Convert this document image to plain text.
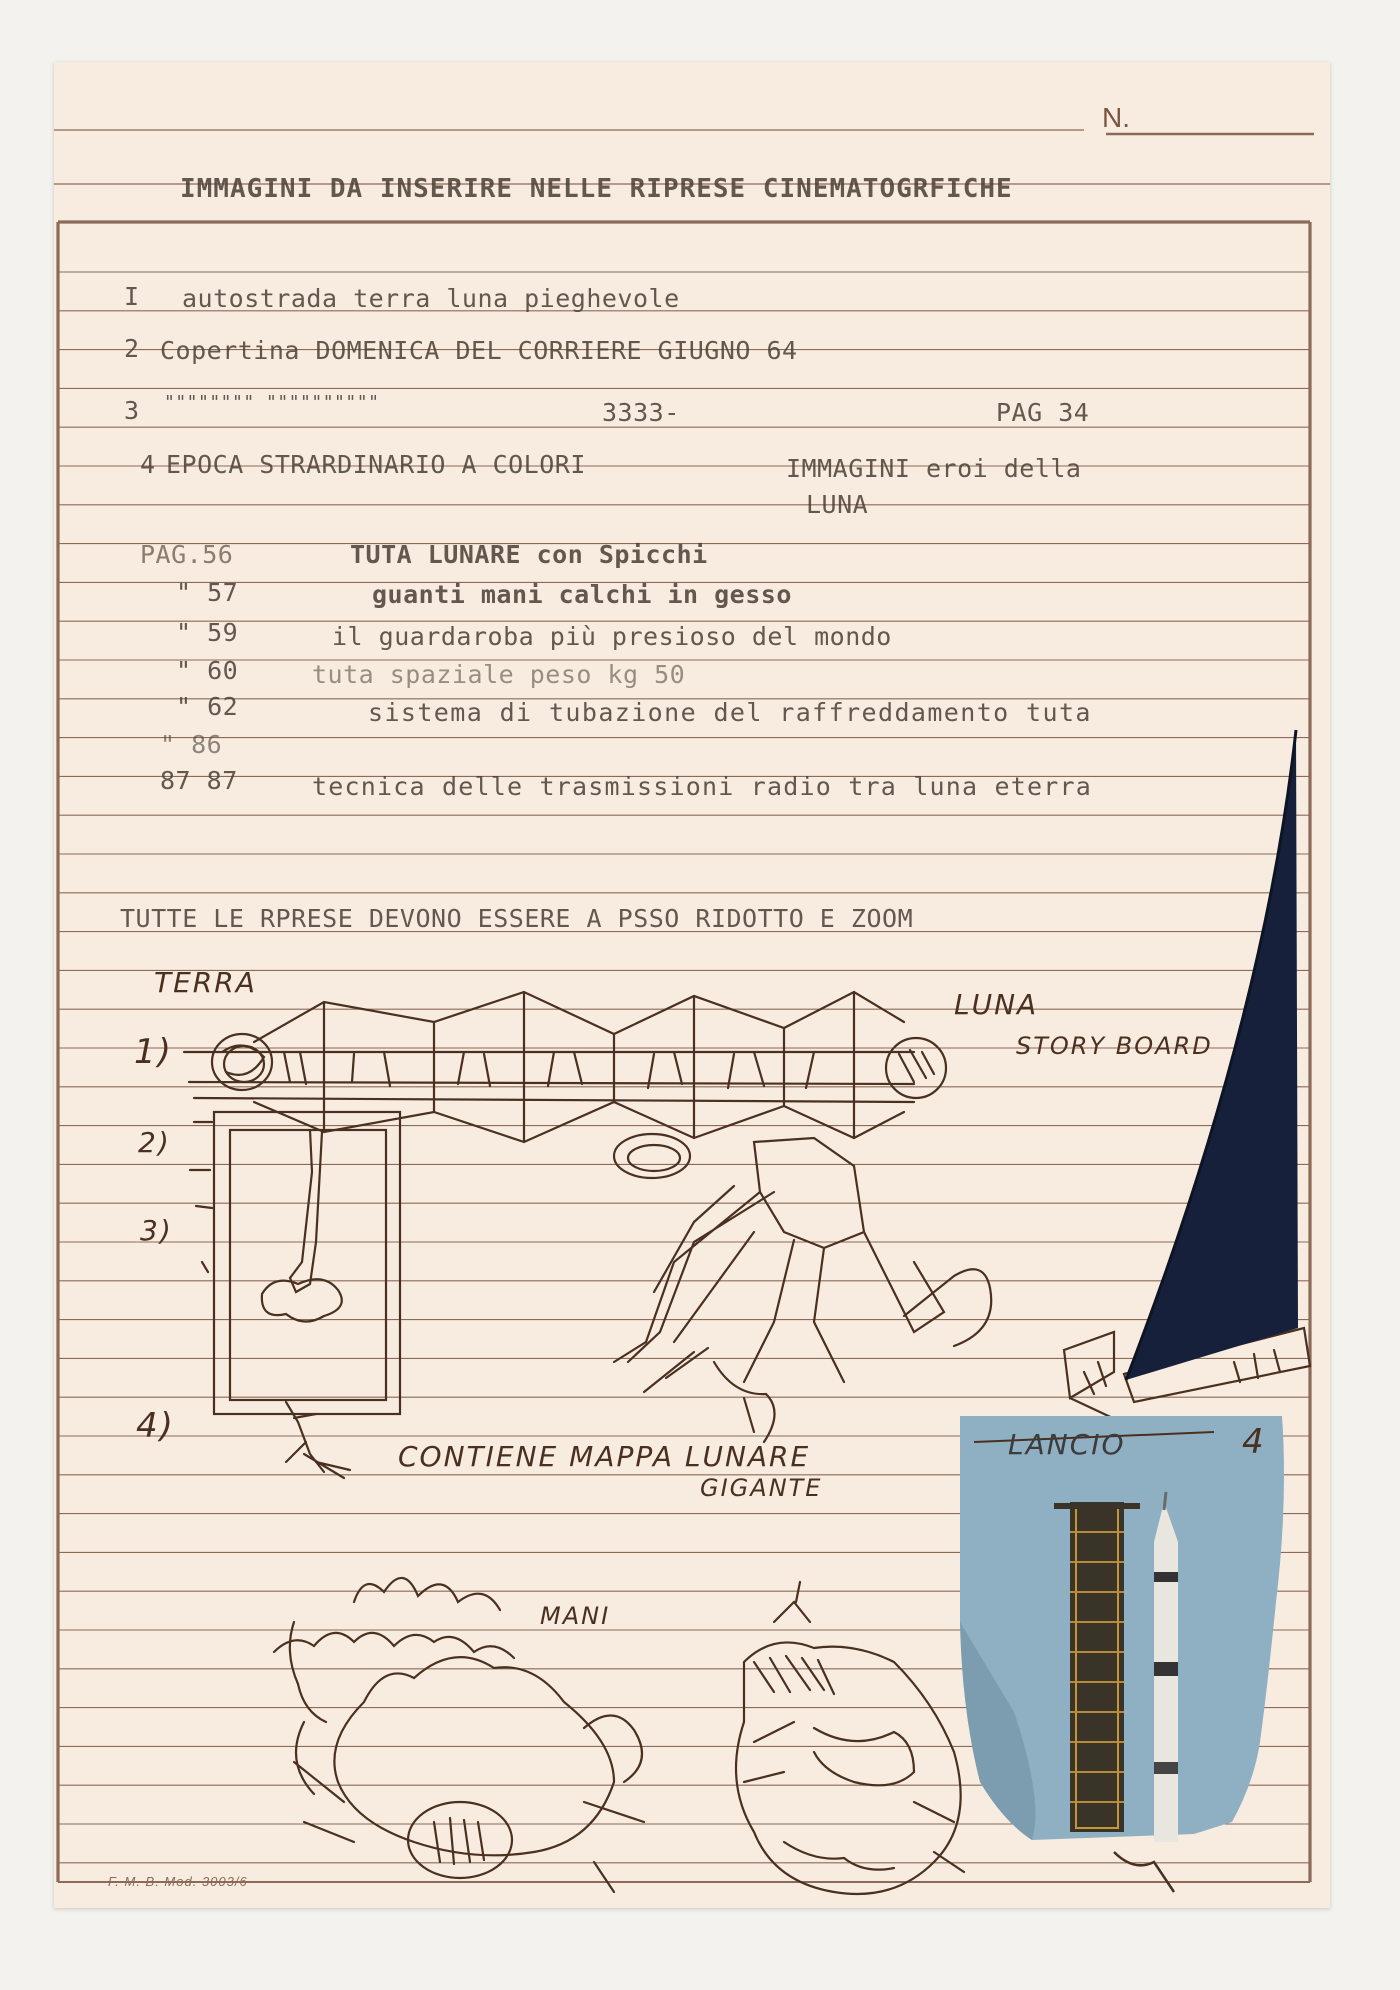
N.
IMMAGINI DA INSERIRE NELLE RIPRESE CINEMATOGRFICHE
I autostrada terra luna pieghevole
2 Copertina DOMENICA DEL CORRIERE GIUGNO 64
3 """""""" """"""""""	3333-	PAG 34
4 EPOCA STRARDINARIO A COLORI	IMMAGINI eroi della
LUNA
PAG.56	TUTA LUNARE con Spicchi
" 57	guanti mani calchi in gesso
" 59	il guardaroba più presioso del mondo
" 60	tuta spaziale peso kg 50
" 62	sistema di tubazione del raffreddamento tuta
" 86
87 87	tecnica delle trasmissioni radio tra luna eterra
TUTTE LE RPRESE DEVONO ESSERE A PSSO RIDOTTO E ZOOM
TERRA
LUNA
STORY BOARD
1)
2)
3)
4)
CONTIENE MAPPA LUNARE
GIGANTE
LANCIO	4
MANI
F. M. B. Mod. 3003/6
